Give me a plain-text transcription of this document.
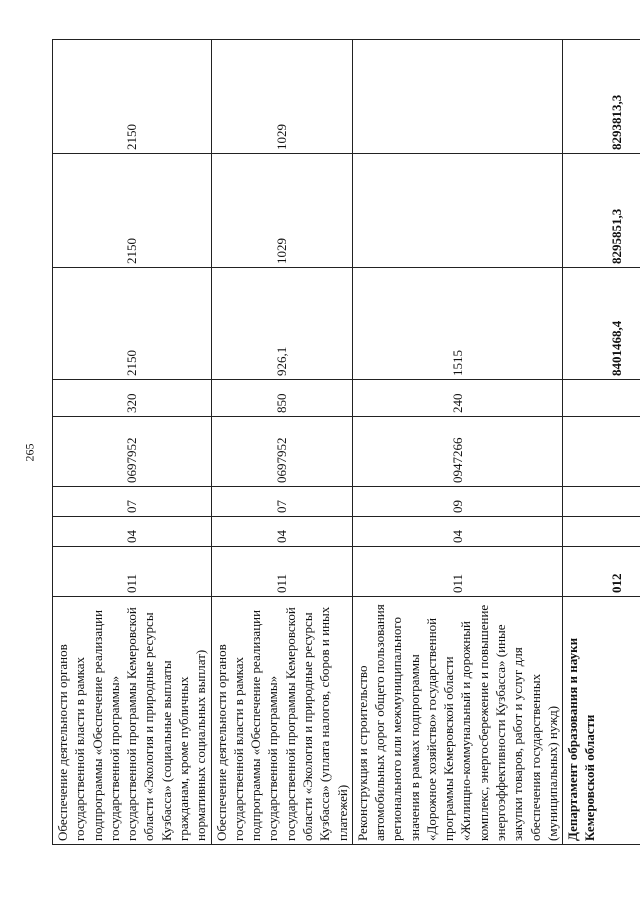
265
Обеспечение деятельности органов государственной власти в рамках подпрограммы «Обеспечение реализации государственной программы» государственной программы Кемеровской области «Экология и природные ресурсы Кузбасса» (социальные выплаты гражданам, кроме публичных нормативных социальных выплат)	011	04	07	0697952	320	2150	2150	2150
Обеспечение деятельности органов государственной власти в рамках подпрограммы «Обеспечение реализации государственной программы» государственной программы Кемеровской области «Экология и природные ресурсы Кузбасса» (уплата налогов, сборов и иных платежей)	011	04	07	0697952	850	926,1	1029	1029
Реконструкция и строительство автомобильных дорог общего пользования регионального или межмуниципального значения в рамках подпрограммы «Дорожное хозяйство» государственной программы Кемеровской области «Жилищно-коммунальный и дорожный комплекс, энергосбережение и повышение энергоэффективности Кузбасса» (иные закупки товаров, работ и услуг для обеспечения государственных (муниципальных) нужд)	011	04	09	0947266	240	1515		
Департамент образования и науки Кемеровской области	012					8401468,4	8295851,3	8293813,3
